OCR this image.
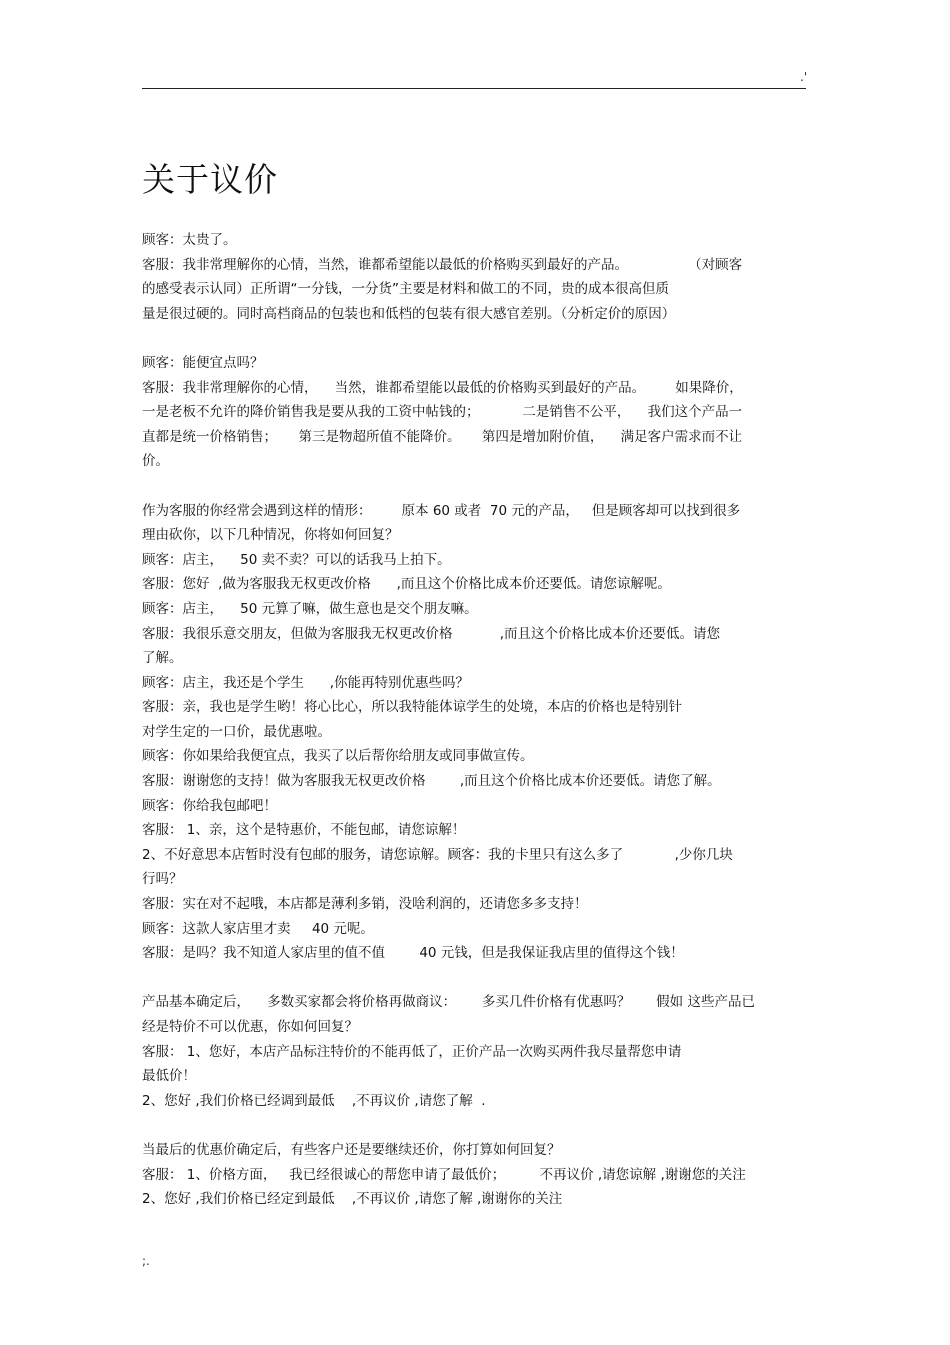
.'
关于议价
顾客：太贵了。
客服：我非常理解你的心情，当然，谁都希望能以最低的价格购买到最好的产品。              （对顾客
的感受表示认同）正所谓“一分钱，一分货”主要是材料和做工的不同，贵的成本很高但质
量是很过硬的。同时高档商品的包装也和低档的包装有很大感官差别。（分析定价的原因）
顾客：能便宜点吗？
客服：我非常理解你的心情，    当然，谁都希望能以最低的价格购买到最好的产品。       如果降价，
一是老板不允许的降价销售我是要从我的工资中帖钱的；          二是销售不公平，    我们这个产品一
直都是统一价格销售；     第三是物超所值不能降价。     第四是增加附价值，    满足客户需求而不让
价。
作为客服的你经常会遇到这样的情形：       原本 60 或者  70 元的产品，   但是顾客却可以找到很多
理由砍你，以下几种情况，你将如何回复？
顾客：店主，    50 卖不卖？可以的话我马上拍下。
客服：您好  ,做为客服我无权更改价格      ,而且这个价格比成本价还要低。请您谅解呢。
顾客：店主，    50 元算了嘛，做生意也是交个朋友嘛。
客服：我很乐意交朋友，但做为客服我无权更改价格           ,而且这个价格比成本价还要低。请您
了解。
顾客：店主，我还是个学生      ,你能再特别优惠些吗？
客服：亲，我也是学生哟！将心比心，所以我特能体谅学生的处境，本店的价格也是特别针
对学生定的一口价，最优惠啦。
顾客：你如果给我便宜点，我买了以后帮你给朋友或同事做宣传。
客服：谢谢您的支持！做为客服我无权更改价格        ,而且这个价格比成本价还要低。请您了解。
顾客：你给我包邮吧！
客服： 1、亲，这个是特惠价，不能包邮，请您谅解！
2、不好意思本店暂时没有包邮的服务，请您谅解。顾客：我的卡里只有这么多了            ,少你几块
行吗？
客服：实在对不起哦，本店都是薄利多销，没啥利润的，还请您多多支持！
顾客：这款人家店里才卖     40 元呢。
客服：是吗？我不知道人家店里的值不值        40 元钱，但是我保证我店里的值得这个钱！
产品基本确定后，    多数买家都会将价格再做商议：      多买几件价格有优惠吗？      假如 这些产品已
经是特价不可以优惠，你如何回复？
客服： 1、您好，本店产品标注特价的不能再低了，正价产品一次购买两件我尽量帮您申请
最低价！
2、您好 ,我们价格已经调到最低    ,不再议价 ,请您了解  .
当最后的优惠价确定后，有些客户还是要继续还价，你打算如何回复？
客服： 1、价格方面，   我已经很诚心的帮您申请了最低价；        不再议价 ,请您谅解 ,谢谢您的关注
2、您好 ,我们价格已经定到最低    ,不再议价 ,请您了解 ,谢谢你的关注
;.
